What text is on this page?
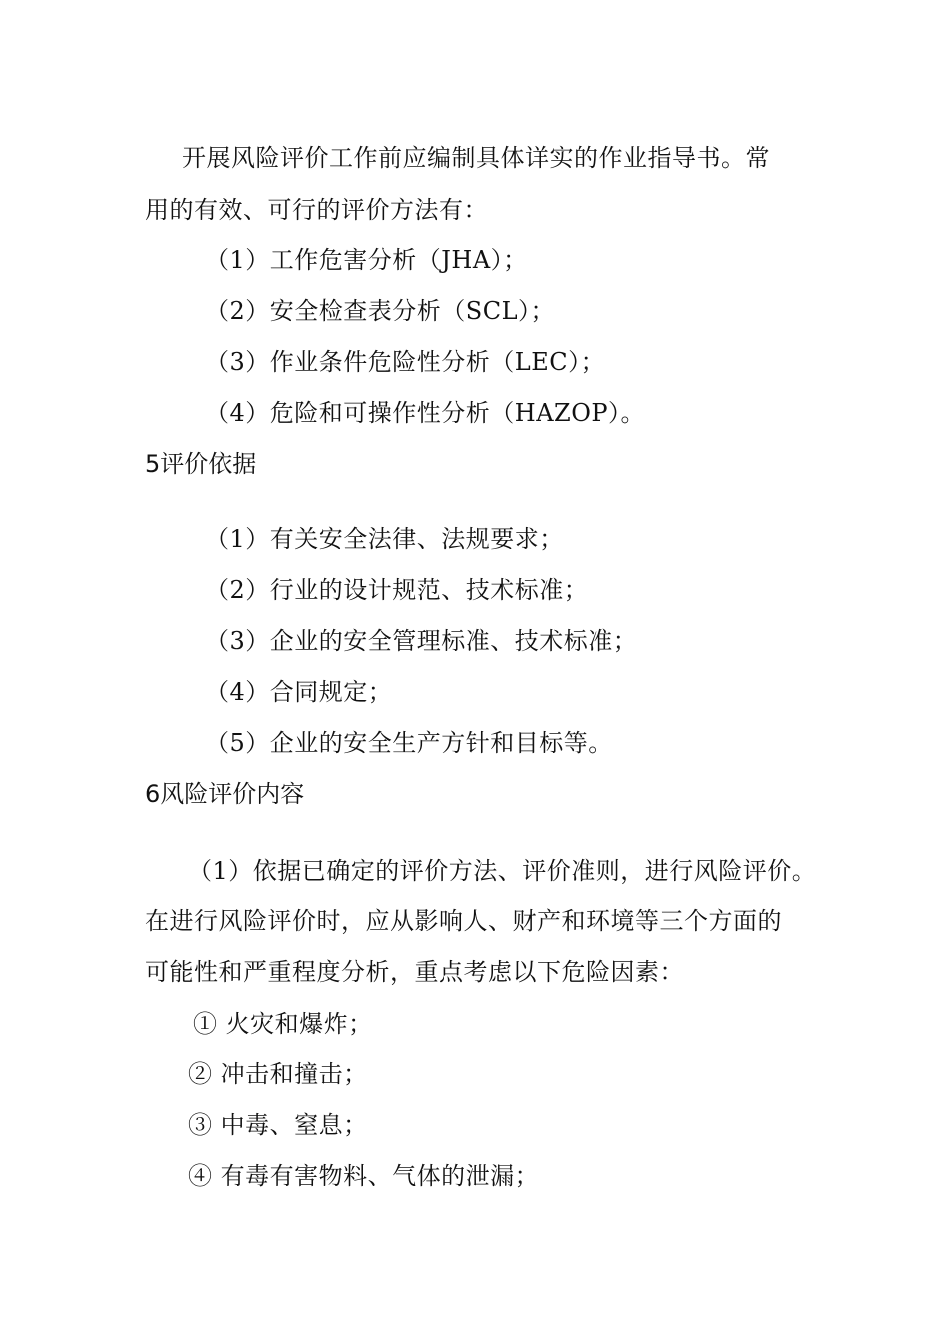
开展风险评价工作前应编制具体详实的作业指导书。常
用的有效、可行的评价方法有：
（1）工作危害分析（JHA）；
（2）安全检查表分析（SCL）；
（3）作业条件危险性分析（LEC）；
（4）危险和可操作性分析（HAZOP）。
5评价依据
（1）有关安全法律、法规要求；
（2）行业的设计规范、技术标准；
（3）企业的安全管理标准、技术标准；
（4）合同规定；
（5）企业的安全生产方针和目标等。
6风险评价内容
（1）依据已确定的评价方法、评价准则，进行风险评价。
在进行风险评价时，应从影响人、财产和环境等三个方面的
可能性和严重程度分析，重点考虑以下危险因素：
① 火灾和爆炸；
② 冲击和撞击；
③ 中毒、窒息；
④ 有毒有害物料、气体的泄漏；
